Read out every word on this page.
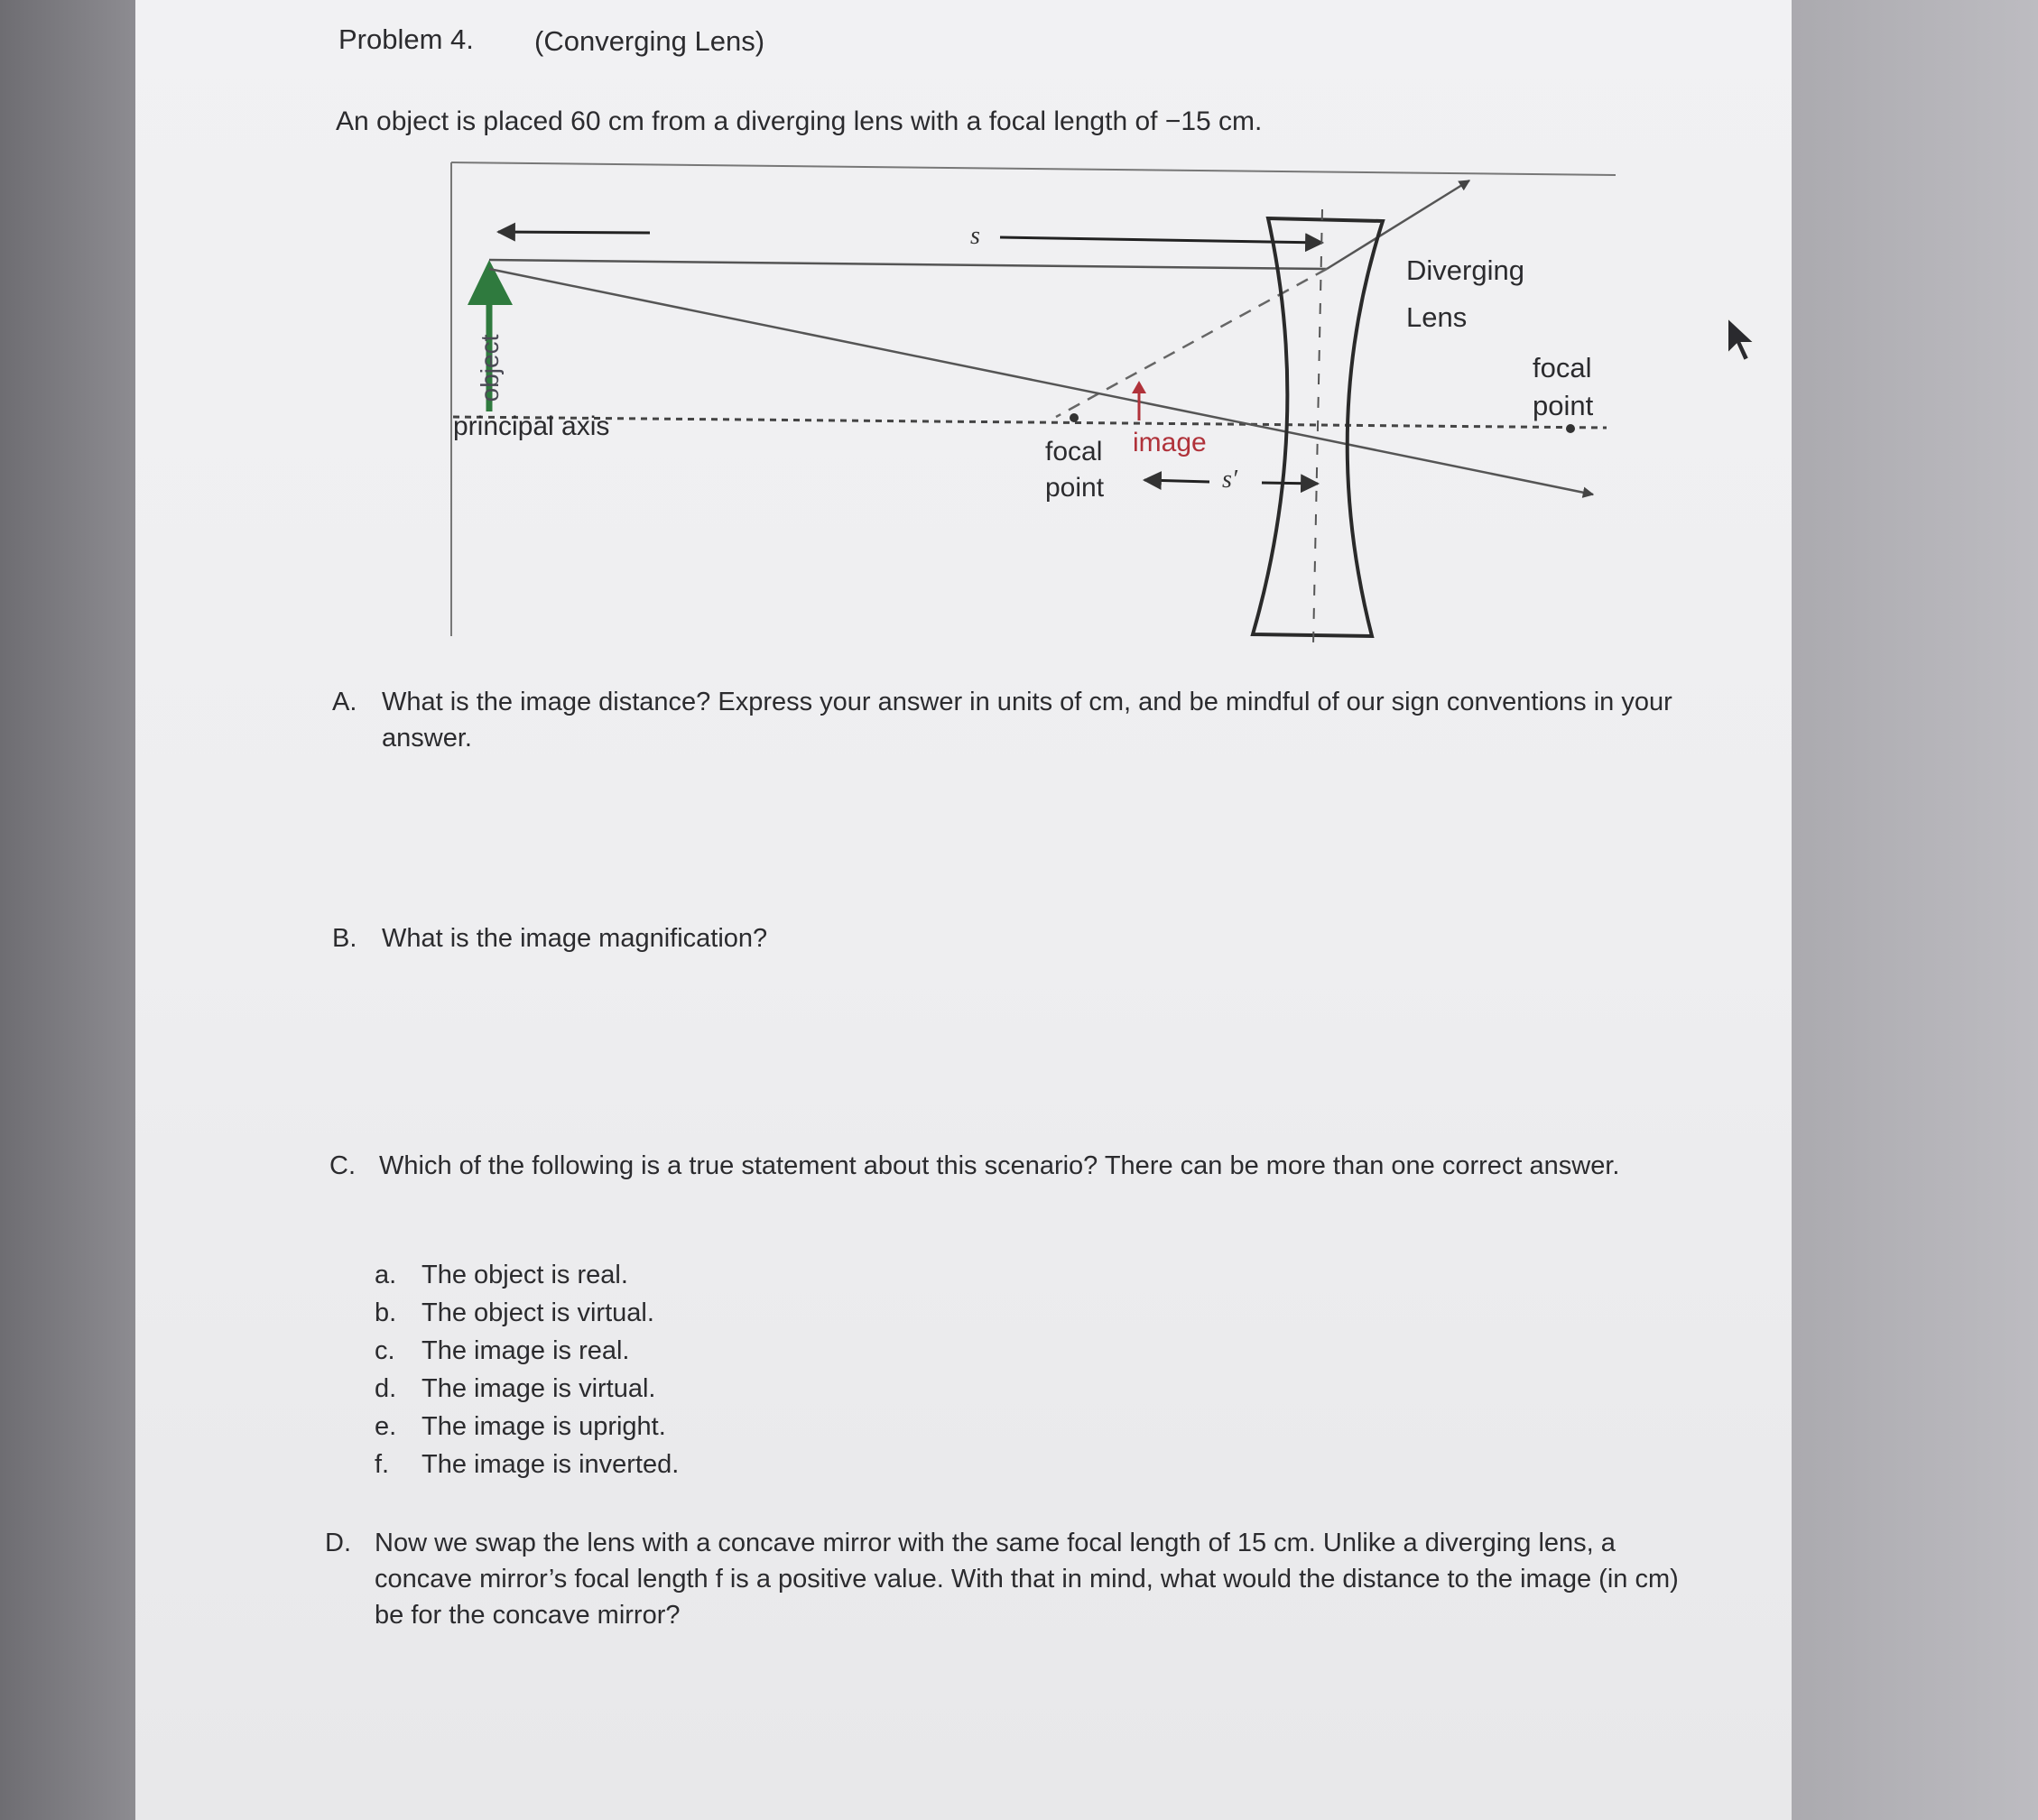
Problem 4. (Converging Lens)
An object is placed 60 cm from a diverging lens with a focal length of −15 cm.
object
principal axis
s
s′
image
focal
point
Diverging
Lens
focal
point
A. What is the image distance? Express your answer in units of cm, and be mindful of our sign conventions in your answer.
B. What is the image magnification?
C. Which of the following is a true statement about this scenario? There can be more than one correct answer.
a. The object is real.
b. The object is virtual.
c. The image is real.
d. The image is virtual.
e. The image is upright.
f. The image is inverted.
D. Now we swap the lens with a concave mirror with the same focal length of 15 cm. Unlike a diverging lens, a concave mirror’s focal length f is a positive value. With that in mind, what would the distance to the image (in cm) be for the concave mirror?
